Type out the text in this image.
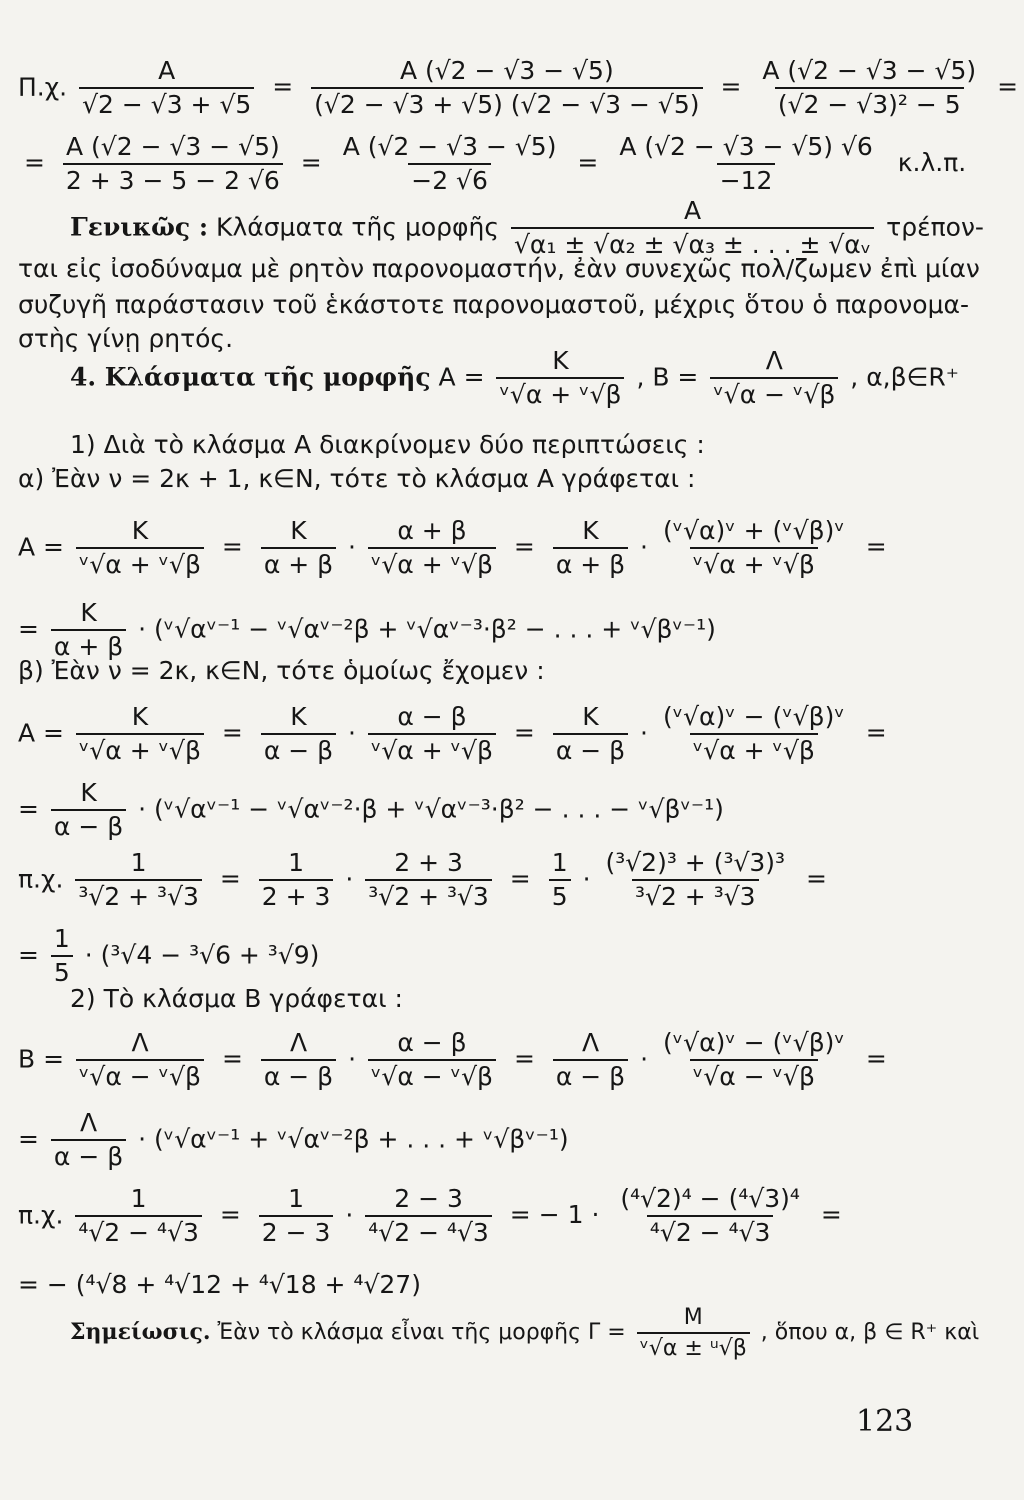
Π.χ. $\frac{A}{√2 - √3 + √5} = \frac{A (√2 - √3 - √5)}{(√2 - √3 + √5) (√2 - √3 - √5)} = \frac{A (√2 - √3 - √5)}{\text{(√2 − √3)² − 5}}$ =
= $\frac{A (√2 - √3 - √5)}{2 + 3 - 5 - 2 √6} = \frac{A (√2 - √3 - √5)}{-2 √6} = \frac{A (√2 - √3 - √5) √6}{-12} \kappa.\lambda.\pi$.
Γενικῶς : Κλάσματα τῆς μορφῆς $\frac{A}{\text{√α₁ ± √α₂ ± √α₃ ± . . . ± √αᵥ}} \tau\rho έ\pi o\nu-$
ται εἰς ἰσοδύναμα μὲ ρητὸν παρονομαστήν, ἐὰν συνεχῶς πολ/ζωμεν ἐπὶ μίαν
συζυγῆ παράστασιν τοῦ ἑκάστοτε παρονομαστοῦ, μέχρις ὅτου ὁ παρονομα-
στὴς γίνῃ ρητός.
4. Κλάσματα τῆς μορφῆς $A = \frac{K}{\text{ᵛ√α + ᵛ√β}}$ , $B = \frac{\Lambda}{\text{ᵛ√α − ᵛ√β}}$ , α,β∈R⁺
1) Διὰ τὸ κλάσμα A διακρίνομεν δύο περιπτώσεις :
α) Ἐὰν ν = 2κ + 1, κ∈N, τότε τὸ κλάσμα A γράφεται :
$A = \frac{K}{\text{ᵛ√α + ᵛ√β}} = \frac{K}{\alpha + \beta} \cdot \frac{\alpha + \beta}{\text{ᵛ√α + ᵛ√β}} = \frac{K}{\alpha + \beta} \cdot \frac{\text{(ᵛ√α)ᵛ + (ᵛ√β)ᵛ}}{\text{ᵛ√α + ᵛ√β}}$ =
= $\frac{K}{\alpha + \beta}$ · (ᵛ√αᵛ⁻¹ − ᵛ√αᵛ⁻²β + ᵛ√αᵛ⁻³·β² − . . . + ᵛ√βᵛ⁻¹)
β) Ἐὰν ν = 2κ, κ∈N, τότε ὁμοίως ἔχομεν :
$A = \frac{K}{\text{ᵛ√α + ᵛ√β}} = \frac{K}{\alpha - \beta} \cdot \frac{\alpha - \beta}{\text{ᵛ√α + ᵛ√β}} = \frac{K}{\alpha - \beta} \cdot \frac{\text{(ᵛ√α)ᵛ − (ᵛ√β)ᵛ}}{\text{ᵛ√α + ᵛ√β}}$ =
= $\frac{K}{\alpha - \beta}$ · (ᵛ√αᵛ⁻¹ − ᵛ√αᵛ⁻²·β + ᵛ√αᵛ⁻³·β² − . . . − ᵛ√βᵛ⁻¹)
π.χ. $\frac{1}{\text{³√2 + ³√3}} = \frac{1}{2 + 3} \cdot \frac{2 + 3}{\text{³√2 + ³√3}} = \frac{1}{5} \cdot \frac{\text{(³√2)³ + (³√3)³}}{\text{³√2 + ³√3}}$ =
= $\frac{1}{5} \cdot (^3√4 - ^3√6 + ^3√9)$
2) Τὸ κλάσμα B γράφεται :
$B = \frac{\Lambda}{\text{ᵛ√α − ᵛ√β}} = \frac{\Lambda}{\alpha - \beta} \cdot \frac{\alpha - \beta}{\text{ᵛ√α − ᵛ√β}} = \frac{\Lambda}{\alpha - \beta} \cdot \frac{\text{(ᵛ√α)ᵛ − (ᵛ√β)ᵛ}}{\text{ᵛ√α − ᵛ√β}}$ =
= $\frac{\Lambda}{\alpha - \beta}$ · (ᵛ√αᵛ⁻¹ + ᵛ√αᵛ⁻²β + . . . + ᵛ√βᵛ⁻¹)
π.χ. $\frac{1}{\text{⁴√2 − ⁴√3}} = \frac{1}{2 - 3} \cdot \frac{2 - 3}{\text{⁴√2 − ⁴√3}}$ = − $1 \cdot \frac{\text{(⁴√2)⁴ − (⁴√3)⁴}}{\text{⁴√2 − ⁴√3}}$ =
= − (⁴√8 + ⁴√12 + ⁴√18 + ⁴√27)
Σημείωσις. Ἐὰν τὸ κλάσμα εἶναι τῆς μορφῆς $\Gamma = \frac{M}{\text{ᵛ√α ± ᵘ√β}}$ , ὅπου α, β ∈ R⁺ καὶ
123
